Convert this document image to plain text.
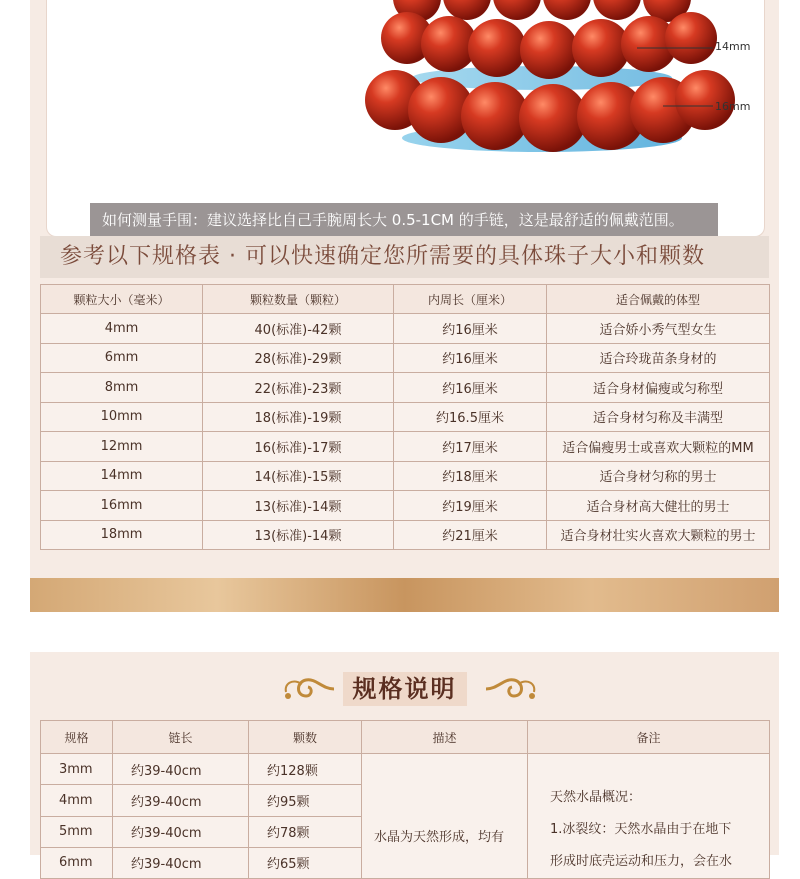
14mm
16mm
如何测量手围：建议选择比自己手腕周长大 0.5-1CM 的手链，这是最舒适的佩戴范围。
参考以下规格表 · 可以快速确定您所需要的具体珠子大小和颗数
颗粒大小（毫米）	颗粒数量（颗粒）	内周长（厘米）	适合佩戴的体型
4mm	40(标准)-42颗	约16厘米	适合娇小秀气型女生
6mm	28(标准)-29颗	约16厘米	适合玲珑苗条身材的
8mm	22(标准)-23颗	约16厘米	适合身材偏瘦或匀称型
10mm	18(标准)-19颗	约16.5厘米	适合身材匀称及丰满型
12mm	16(标准)-17颗	约17厘米	适合偏瘦男士或喜欢大颗粒的MM
14mm	14(标准)-15颗	约18厘米	适合身材匀称的男士
16mm	13(标准)-14颗	约19厘米	适合身材高大健壮的男士
18mm	13(标准)-14颗	约21厘米	适合身材壮实火喜欢大颗粒的男士
规格说明
规格	链长	颗数	描述	备注
3mm	约39-40cm	约128颗	水晶为天然形成，均有	天然水晶概况：
1.冰裂纹：天然水晶由于在地下
形成时底壳运动和压力，会在水

4mm	约39-40cm	约95颗		
5mm	约39-40cm	约78颗		
6mm	约39-40cm	约65颗		
